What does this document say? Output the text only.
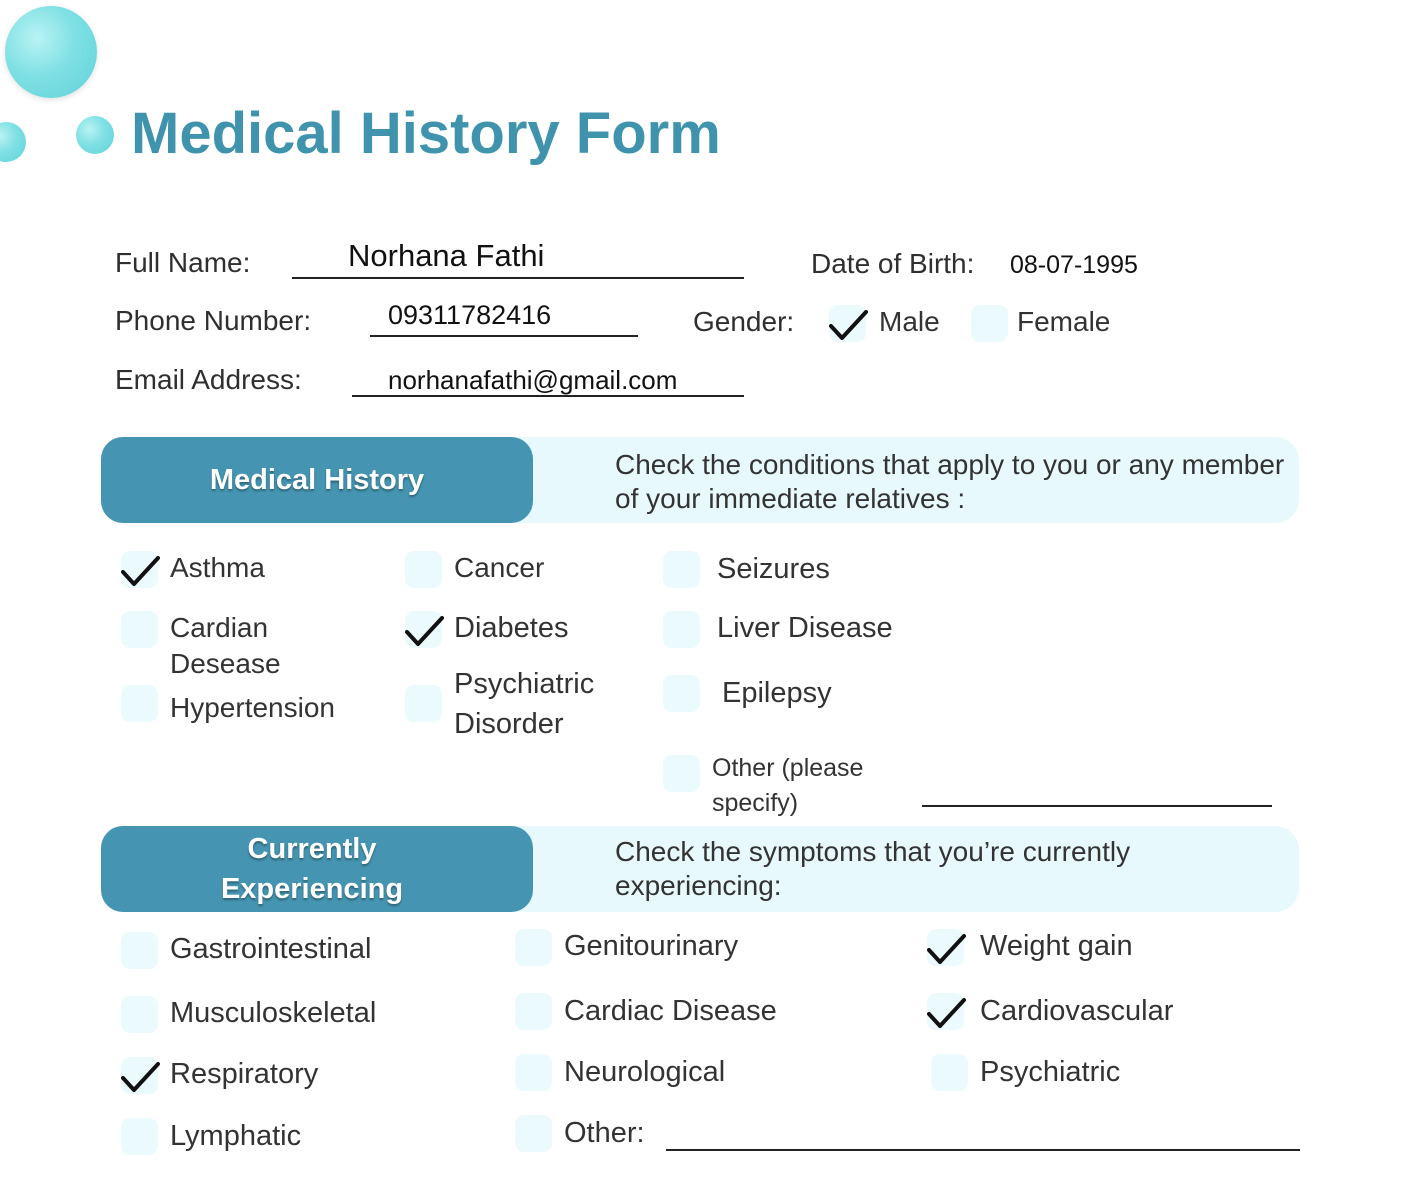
Medical History Form
Full Name:	Norhana Fathi	Date of Birth: 08-07-1995
Phone Number:	09311782416	Gender:	Male	Female
Email Address:	norhanafathi@gmail.com
Medical History	Check the conditions that apply to you or any member of your immediate relatives :
Asthma
Cardian Desease
Hypertension
Cancer
Diabetes
Psychiatric Disorder
Seizures
Liver Disease
Epilepsy
Other (please specify)
Currently Experiencing
Check the symptoms that you’re currently experiencing:
Gastrointestinal
Musculoskeletal
Respiratory
Lymphatic
Genitourinary
Cardiac Disease
Neurological
Other:
Weight gain
Cardiovascular
Psychiatric
